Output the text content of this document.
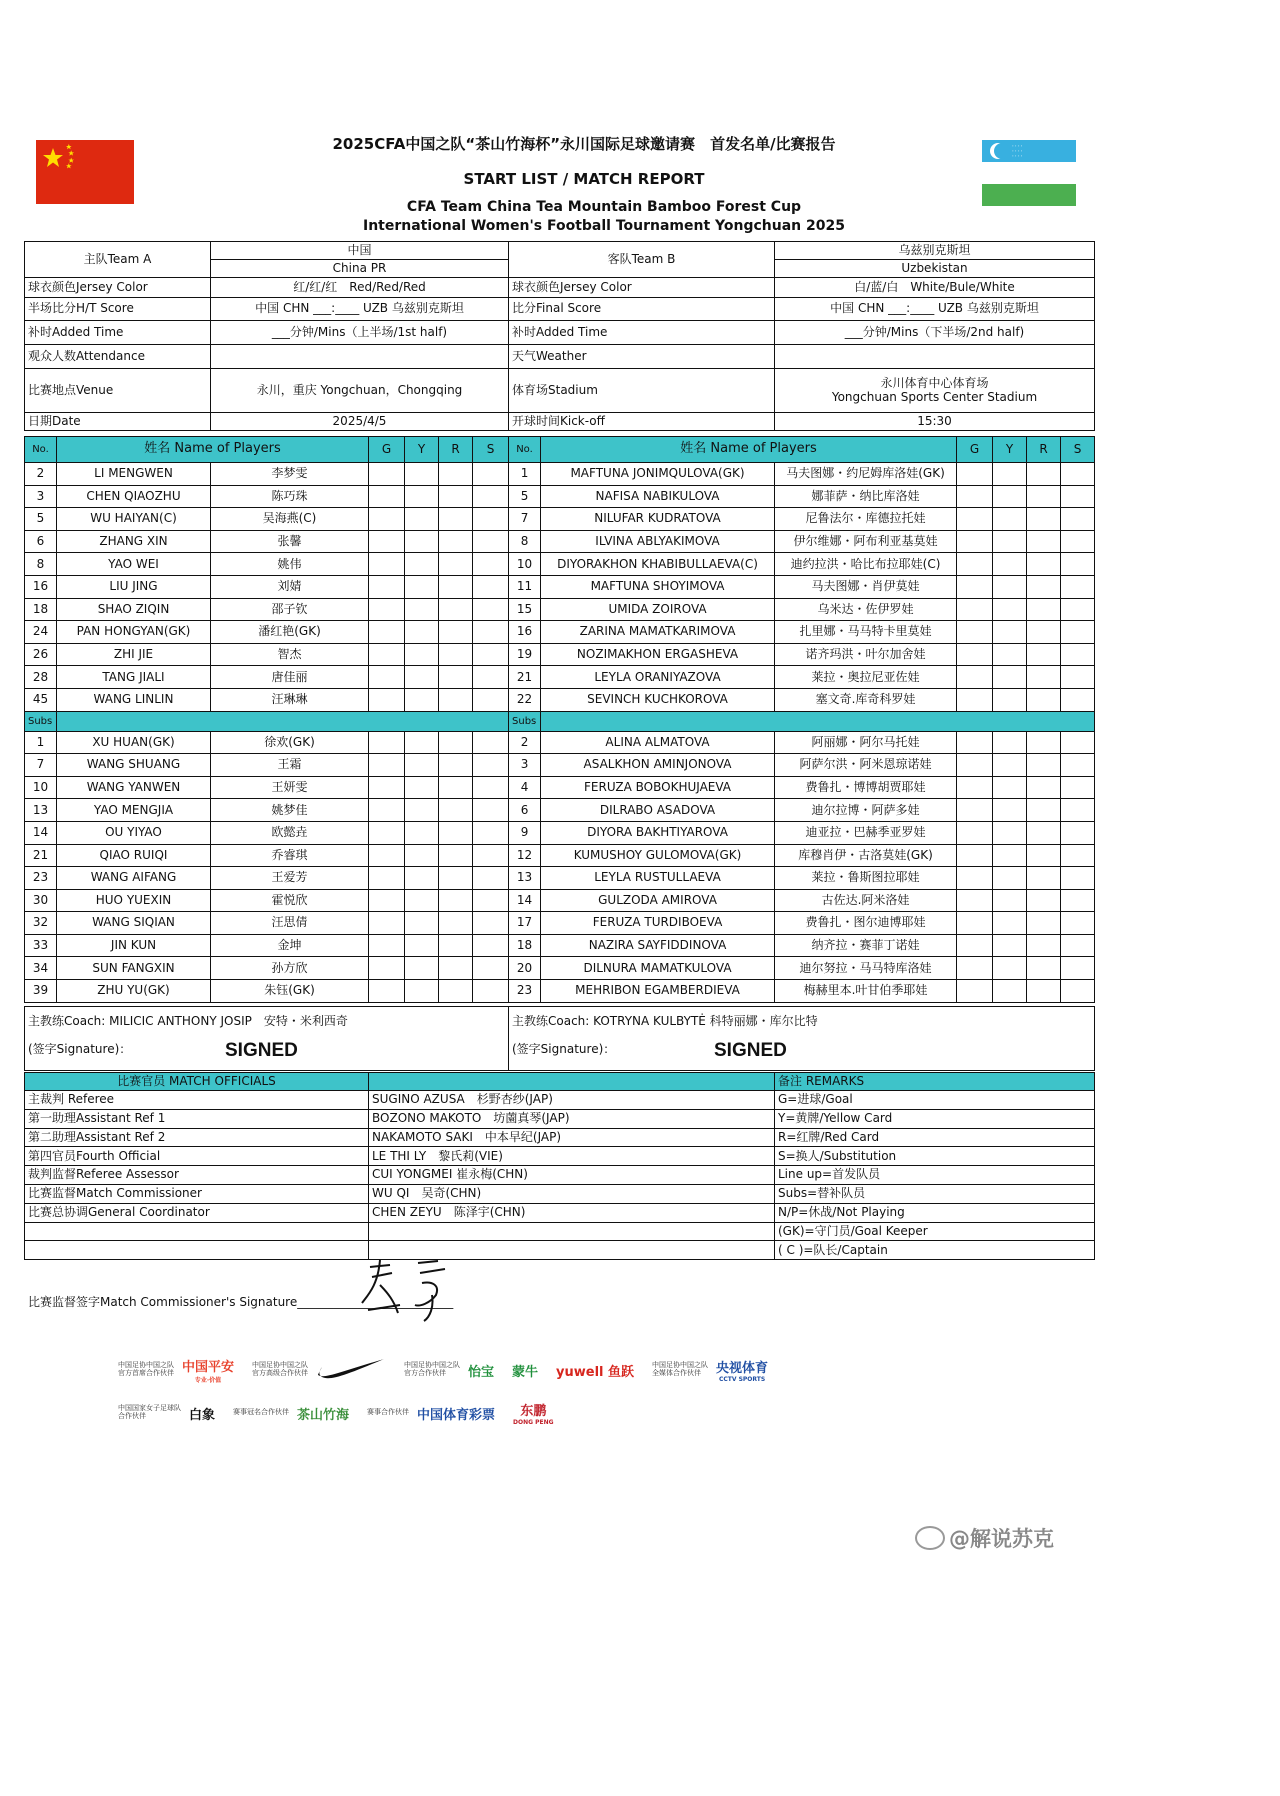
⋅⋅⋅⋅
⋅⋅⋅⋅
⋅⋅⋅⋅
2025CFA中国之队“茶山竹海杯”永川国际足球邀请赛　首发名单/比赛报告
START LIST / MATCH REPORT
CFA Team China Tea Mountain Bamboo Forest Cup
International Women's Football Tournament Yongchuan 2025
主队Team A	中国	客队Team B	乌兹别克斯坦
	China PR		Uzbekistan
球衣颜色Jersey Color	红/红/红　Red/Red/Red	球衣颜色Jersey Color	白/蓝/白　White/Bule/White
半场比分H/T Score	中国 CHN ___:____ UZB 乌兹别克斯坦	比分Final Score	中国 CHN ___:____ UZB 乌兹别克斯坦
补时Added Time	___分钟/Mins（上半场/1st half)	补时Added Time	___分钟/Mins（下半场/2nd half)
观众人数Attendance		天气Weather	
比赛地点Venue	永川，重庆 Yongchuan，Chongqing	体育场Stadium	永川体育中心体育场
Yongchuan Sports Center Stadium
日期Date	2025/4/5	开球时间Kick-off	15:30
No.	姓名 Name of Players		G	Y	R	S	No.	姓名 Name of Players		G	Y	R	S
2	LI MENGWEN	李梦雯					1	MAFTUNA JONIMQULOVA(GK)	马夫图娜・约尼姆库洛娃(GK)				
3	CHEN QIAOZHU	陈巧珠					5	NAFISA NABIKULOVA	娜菲萨・纳比库洛娃				
5	WU HAIYAN(C)	吴海燕(C)					7	NILUFAR KUDRATOVA	尼鲁法尔・库德拉托娃				
6	ZHANG XIN	张馨					8	ILVINA ABLYAKIMOVA	伊尔维娜・阿布利亚基莫娃				
8	YAO WEI	姚伟					10	DIYORAKHON KHABIBULLAEVA(C)	迪约拉洪・哈比布拉耶娃(C)				
16	LIU JING	刘婧					11	MAFTUNA SHOYIMOVA	马夫图娜・肖伊莫娃				
18	SHAO ZIQIN	邵子钦					15	UMIDA ZOIROVA	乌米达・佐伊罗娃				
24	PAN HONGYAN(GK)	潘红艳(GK)					16	ZARINA MAMATKARIMOVA	扎里娜・马马特卡里莫娃				
26	ZHI JIE	智杰					19	NOZIMAKHON ERGASHEVA	诺齐玛洪・叶尔加舍娃				
28	TANG JIALI	唐佳丽					21	LEYLA ORANIYAZOVA	莱拉・奥拉尼亚佐娃				
45	WANG LINLIN	汪琳琳					22	SEVINCH KUCHKOROVA	塞文奇.库奇科罗娃				
Subs							Subs						
1	XU HUAN(GK)	徐欢(GK)					2	ALINA ALMATOVA	阿丽娜・阿尔马托娃				
7	WANG SHUANG	王霜					3	ASALKHON AMINJONOVA	阿萨尔洪・阿米恩琼诺娃				
10	WANG YANWEN	王妍雯					4	FERUZA BOBOKHUJAEVA	费鲁扎・博博胡贾耶娃				
13	YAO MENGJIA	姚梦佳					6	DILRABO ASADOVA	迪尔拉博・阿萨多娃				
14	OU YIYAO	欧懿垚					9	DIYORA BAKHTIYAROVA	迪亚拉・巴赫季亚罗娃				
21	QIAO RUIQI	乔睿琪					12	KUMUSHOY GULOMOVA(GK)	库穆肖伊・古洛莫娃(GK)				
23	WANG AIFANG	王爱芳					13	LEYLA RUSTULLAEVA	莱拉・鲁斯图拉耶娃				
30	HUO YUEXIN	霍悦欣					14	GULZODA AMIROVA	古佐达.阿米洛娃				
32	WANG SIQIAN	汪思倩					17	FERUZA TURDIBOEVA	费鲁扎・图尔迪博耶娃				
33	JIN KUN	金坤					18	NAZIRA SAYFIDDINOVA	纳齐拉・赛菲丁诺娃				
34	SUN FANGXIN	孙方欣					20	DILNURA MAMATKULOVA	迪尔努拉・马马特库洛娃				
39	ZHU YU(GK)	朱钰(GK)					23	MEHRIBON EGAMBERDIEVA	梅赫里本.叶甘伯季耶娃				
主教练Coach: MILICIC ANTHONY JOSIP　安特・米利西奇
(签字Signature)：	SIGNED

主教练Coach: KOTRYNA KULBYTĖ 科特丽娜・库尔比特
(签字Signature)：	SIGNED
比赛官员 MATCH OFFICIALS		备注 REMARKS
主裁判 Referee	SUGINO AZUSA　杉野杏纱(JAP)	G=进球/Goal
第一助理Assistant Ref 1	BOZONO MAKOTO　坊薗真琴(JAP)	Y=黄牌/Yellow Card
第二助理Assistant Ref 2	NAKAMOTO SAKI　中本早纪(JAP)	R=红牌/Red Card
第四官员Fourth Official	LE THI LY　黎氏莉(VIE)	S=换人/Substitution
裁判监督Referee Assessor	CUI YONGMEI 崔永梅(CHN)	Line up=首发队员
比赛监督Match Commissioner	WU QI　吴奇(CHN)	Subs=替补队员
比赛总协调General Coordinator	CHEN ZEYU　陈泽宇(CHN)	N/P=休战/Not Playing
		(GK)=守门员/Goal Keeper
		( C )=队长/Captain
比赛监督签字Match Commissioner's Signature__________________________
中国足协中国之队
官方首席合作伙伴 中国平安
专业·价值
中国足协中国之队
官方高级合作伙伴
中国足协中国之队
官方合作伙伴	怡宝 蒙牛 yuwell 鱼跃	中国足协中国之队
全媒体合作伙伴	央视体育
CCTV SPORTS
中国国家女子足球队
合作伙伴	白象	赛事冠名合作伙伴 茶山竹海	赛事合作伙伴 中国体育彩票	东鹏
DONG PENG
@解说苏克
